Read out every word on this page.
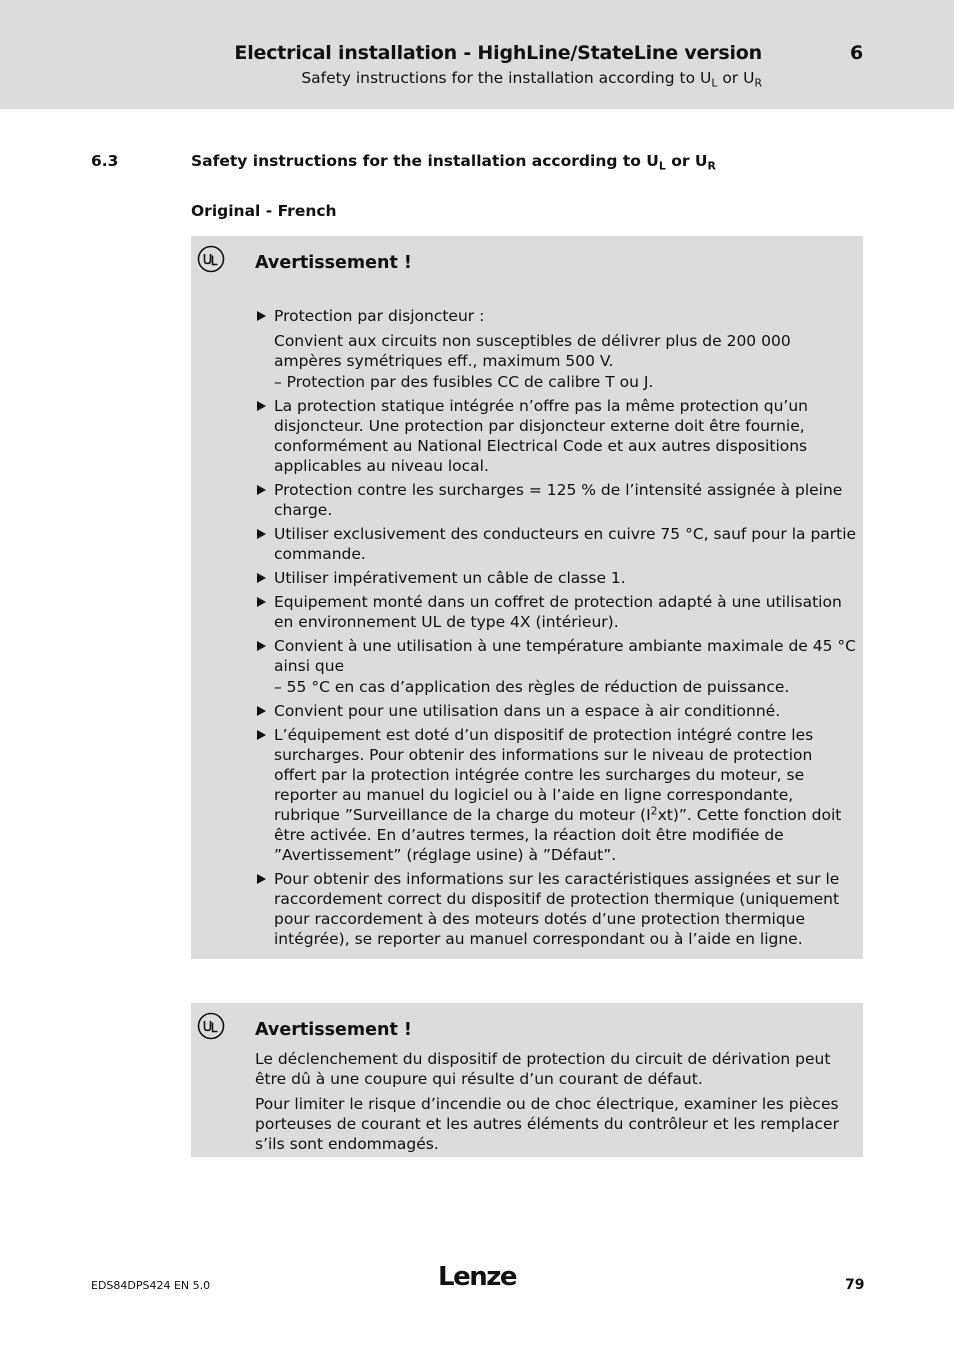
Electrical installation - HighLine/StateLine version	6
Safety instructions for the installation according to $U_L$ or $U_R$
6.3	Safety instructions for the installation according to $U_L$ or $U_R$
Original - French
Avertissement !
Protection par disjoncteur :

Convient aux circuits non susceptibles de délivrer plus de 200 000 ampères symétriques eff., maximum 500 V.

– Protection par des fusibles CC de calibre T ou J.

La protection statique intégrée n’offre pas la même protection qu’un disjoncteur. Une protection par disjoncteur externe doit être fournie, conformément au National Electrical Code et aux autres dispositions applicables au niveau local.
Protection contre les surcharges = 125 % de l’intensité assignée à pleine charge.
Utiliser exclusivement des conducteurs en cuivre 75 °C, sauf pour la partie commande.
Utiliser impérativement un câble de classe 1.
Equipement monté dans un coffret de protection adapté à une utilisation en environnement UL de type 4X (intérieur).
Convient à une utilisation à une température ambiante maximale de 45 °C ainsi que

– 55 °C en cas d’application des règles de réduction de puissance.

Convient pour une utilisation dans un a espace à air conditionné.
L’équipement est doté d’un dispositif de protection intégré contre les surcharges. Pour obtenir des informations sur le niveau de protection offert par la protection intégrée contre les surcharges du moteur, se reporter au manuel du logiciel ou à l’aide en ligne correspondante, rubrique ”Surveillance de la charge du moteur $(I^2xt)$”. Cette fonction doit être activée. En d’autres termes, la réaction doit être modifiée de ”Avertissement” (réglage usine) à ”Défaut”.
Pour obtenir des informations sur les caractéristiques assignées et sur le raccordement correct du dispositif de protection thermique (uniquement pour raccordement à des moteurs dotés d’une protection thermique intégrée), se reporter au manuel correspondant ou à l’aide en ligne.
Avertissement !

Le déclenchement du dispositif de protection du circuit de dérivation peut être dû à une coupure qui résulte d’un courant de défaut.

Pour limiter le risque d’incendie ou de choc électrique, examiner les pièces porteuses de courant et les autres éléments du contrôleur et les remplacer s’ils sont endommagés.

EDS84DPS424 EN 5.0	Lenze	79
